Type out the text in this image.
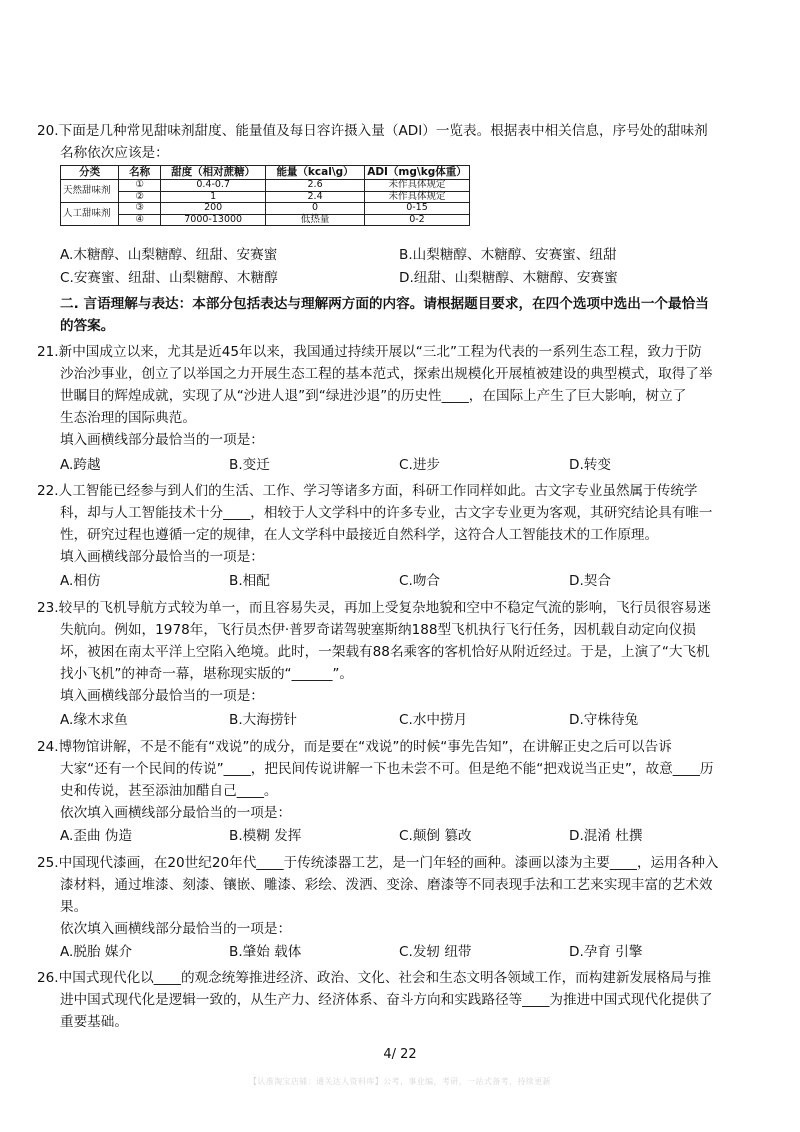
20.下面是几种常见甜味剂甜度、能量值及每日容许摄入量（ADI）一览表。根据表中相关信息，序号处的甜味剂
名称依次应该是：
分类	名称	甜度（相对蔗糖）	能量（kcal\g）	ADI（mg\kg体重）
天然甜味剂	①	0.4-0.7	2.6	未作具体规定
	②	1	2.4	未作具体规定
人工甜味剂	③	200	0	0-15
	④	7000-13000	低热量	0-2
A.木糖醇、山梨糖醇、纽甜、安赛蜜	B.山梨糖醇、木糖醇、安赛蜜、纽甜
C.安赛蜜、纽甜、山梨糖醇、木糖醇	D.纽甜、山梨糖醇、木糖醇、安赛蜜
二. 言语理解与表达：本部分包括表达与理解两方面的内容。请根据题目要求，在四个选项中选出一个最恰当
的答案。
21.新中国成立以来，尤其是近45年以来，我国通过持续开展以“三北”工程为代表的一系列生态工程，致力于防
沙治沙事业，创立了以举国之力开展生态工程的基本范式，探索出规模化开展植被建设的典型模式，取得了举
世瞩目的辉煌成就，实现了从“沙进人退”到“绿进沙退”的历史性____，在国际上产生了巨大影响，树立了
生态治理的国际典范。
填入画横线部分最恰当的一项是：
A.跨越	B.变迁	C.进步	D.转变
22.人工智能已经参与到人们的生活、工作、学习等诸多方面，科研工作同样如此。古文字专业虽然属于传统学
科，却与人工智能技术十分____，相较于人文学科中的许多专业，古文字专业更为客观，其研究结论具有唯一
性，研究过程也遵循一定的规律，在人文学科中最接近自然科学，这符合人工智能技术的工作原理。
填入画横线部分最恰当的一项是：
A.相仿	B.相配	C.吻合	D.契合
23.较早的飞机导航方式较为单一，而且容易失灵，再加上受复杂地貌和空中不稳定气流的影响，飞行员很容易迷
失航向。例如，1978年，飞行员杰伊·普罗奇诺驾驶塞斯纳188型飞机执行飞行任务，因机载自动定向仪损
坏，被困在南太平洋上空陷入绝境。此时，一架载有88名乘客的客机恰好从附近经过。于是，上演了“大飞机
找小飞机”的神奇一幕，堪称现实版的“______”。
填入画横线部分最恰当的一项是：
A.缘木求鱼	B.大海捞针	C.水中捞月	D.守株待兔
24.博物馆讲解，不是不能有“戏说”的成分，而是要在“戏说”的时候“事先告知”，在讲解正史之后可以告诉
大家“还有一个民间的传说”____，把民间传说讲解一下也未尝不可。但是绝不能“把戏说当正史”，故意____历
史和传说，甚至添油加醋自己____。
依次填入画横线部分最恰当的一项是：
A.歪曲 伪造	B.模糊 发挥	C.颠倒 篡改	D.混淆 杜撰
25.中国现代漆画，在20世纪20年代____于传统漆器工艺，是一门年轻的画种。漆画以漆为主要____，运用各种入
漆材料，通过堆漆、刻漆、镶嵌、雕漆、彩绘、泼洒、变涂、磨漆等不同表现手法和工艺来实现丰富的艺术效
果。
依次填入画横线部分最恰当的一项是：
A.脱胎 媒介	B.肇始 载体	C.发轫 纽带	D.孕育 引擎
26.中国式现代化以____的观念统筹推进经济、政治、文化、社会和生态文明各领域工作，而构建新发展格局与推
进中国式现代化是逻辑一致的，从生产力、经济体系、奋斗方向和实践路径等____为推进中国式现代化提供了
重要基础。
4/ 22
【认准淘宝店铺：通关达人资料库】公考，事业编，考研，一站式备考，持续更新
